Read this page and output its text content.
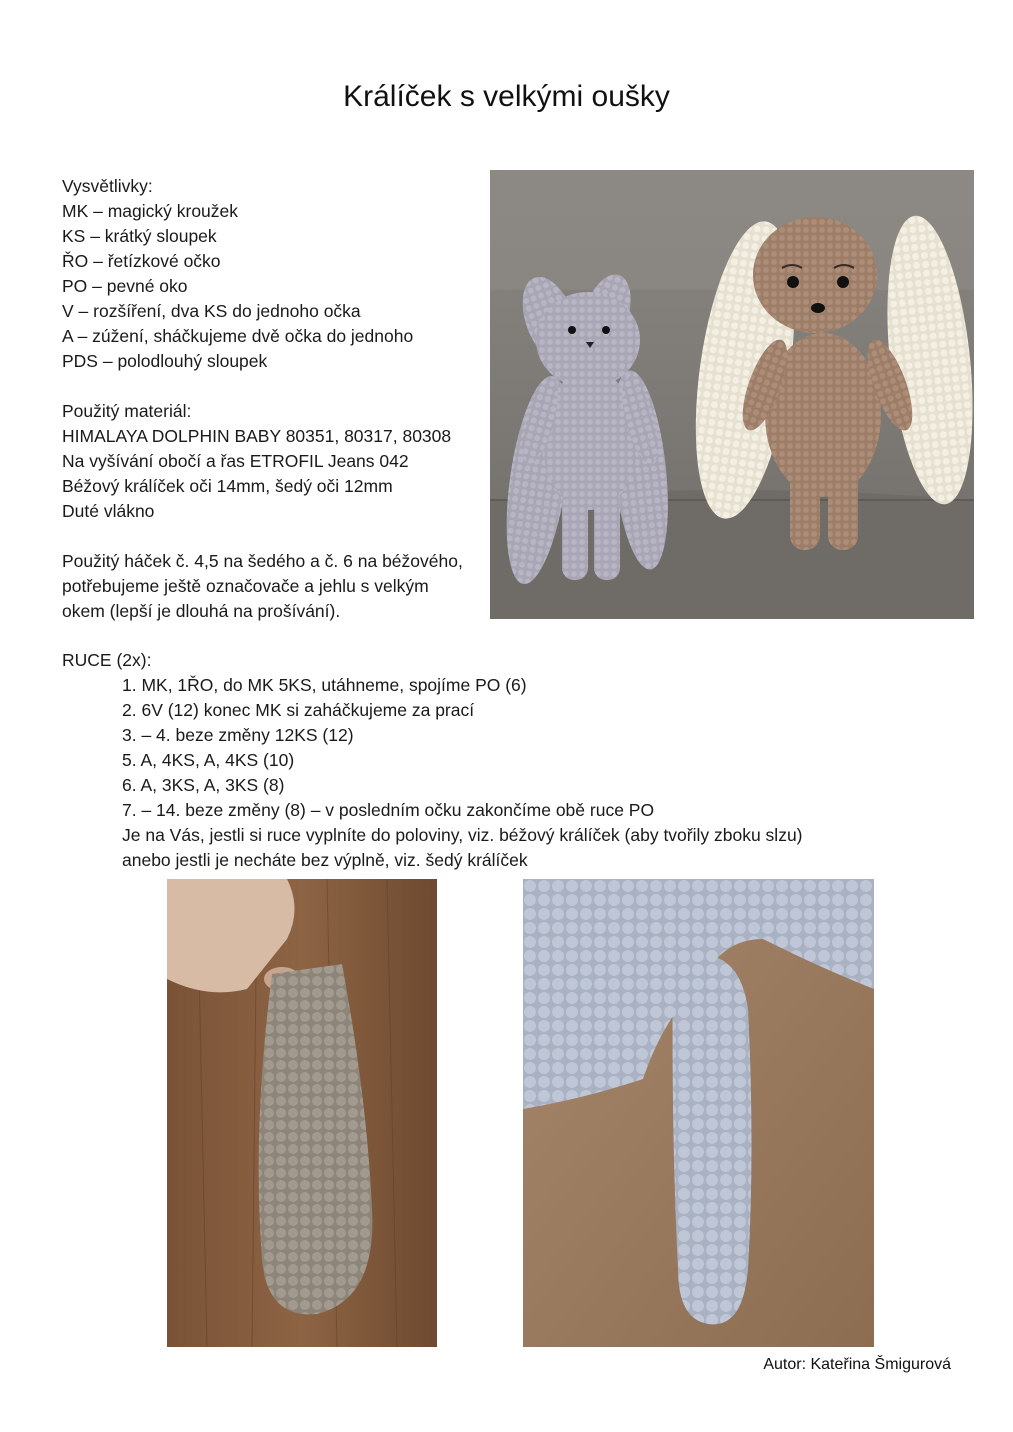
Králíček s velkými oušky
Vysvětlivky:
MK – magický kroužek
KS – krátký sloupek
ŘO – řetízkové očko
PO – pevné oko
V – rozšíření, dva KS do jednoho očka
A – zúžení, sháčkujeme dvě očka do jednoho
PDS – polodlouhý sloupek
Použitý materiál:
HIMALAYA DOLPHIN BABY 80351, 80317, 80308
Na vyšívání obočí a řas ETROFIL Jeans 042
Béžový králíček oči 14mm, šedý oči 12mm
Duté vlákno
Použitý háček č. 4,5 na šedého a č. 6 na béžového,
potřebujeme ještě označovače a jehlu s velkým
okem (lepší je dlouhá na prošívání).
RUCE (2x):
1. MK, 1ŘO, do MK 5KS, utáhneme, spojíme PO (6)
2. 6V (12) konec MK si zaháčkujeme za prací
3. – 4. beze změny 12KS (12)
5. A, 4KS, A, 4KS (10)
6. A, 3KS, A, 3KS (8)
7. – 14. beze změny (8) – v posledním očku zakončíme obě ruce PO
Je na Vás, jestli si ruce vyplníte do poloviny, viz. béžový králíček (aby tvořily zboku slzu)
anebo jestli je necháte bez výplně, viz. šedý králíček
Autor: Kateřina Šmigurová
